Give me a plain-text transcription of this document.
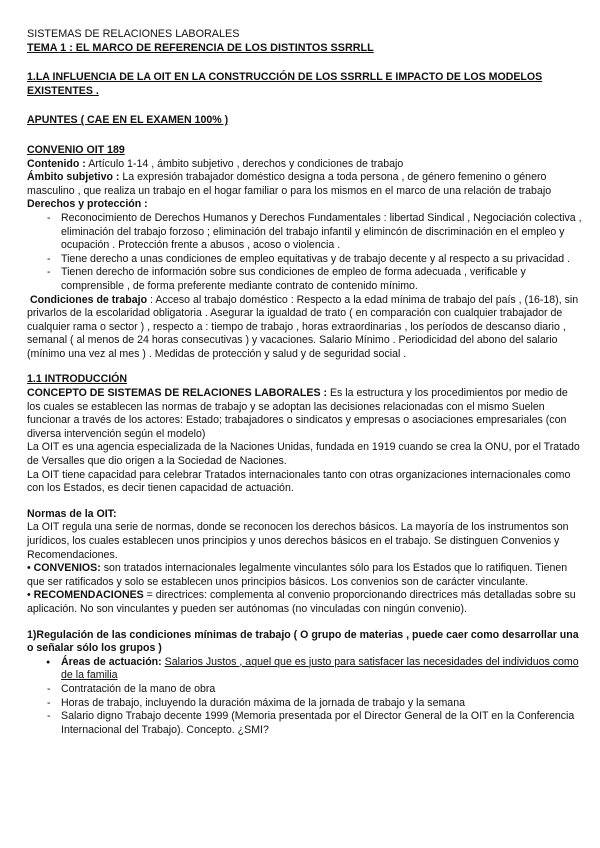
SISTEMAS DE RELACIONES LABORALES

TEMA 1 : EL MARCO DE REFERENCIA DE LOS DISTINTOS SSRRLL

1.LA INFLUENCIA DE LA OIT EN LA CONSTRUCCIÓN DE LOS SSRRLL E IMPACTO DE LOS MODELOS EXISTENTES .

APUNTES ( CAE EN EL EXAMEN 100% )

CONVENIO OIT 189

Contenido : Artículo 1-14 , ámbito subjetivo , derechos y condiciones de trabajo

Ámbito subjetivo : La expresión trabajador doméstico designa a toda persona , de género femenino o género masculino , que realiza un trabajo en el hogar familiar o para los mismos en el marco de una relación de trabajo

Derechos y protección :

- Reconocimiento de Derechos Humanos y Derechos Fundamentales : libertad Sindical , Negociación colectiva , eliminación del trabajo forzoso ; eliminación del trabajo infantil y elimincón de discriminación en el empleo y ocupación . Protección frente a abusos , acoso o violencia .
- Tiene derecho a unas condiciones de empleo equitativas y de trabajo decente y al respecto a su privacidad .
- Tienen derecho de información sobre sus condiciones de empleo de forma adecuada , verificable y comprensible , de forma preferente mediante contrato de contenido mínimo.

Condiciones de trabajo : Acceso al trabajo doméstico : Respecto a la edad mínima de trabajo del país , (16-18), sin privarlos de la escolaridad obligatoria . Asegurar la igualdad de trato ( en comparación con cualquier trabajador de cualquier rama o sector ) , respecto a : tiempo de trabajo , horas extraordinarias , los períodos de descanso diario , semanal ( al menos de 24 horas consecutivas ) y vacaciones. Salario Mínimo . Periodicidad del abono del salario (mínimo una vez al mes ) . Medidas de protección y salud y de seguridad social .

1.1 INTRODUCCIÓN

CONCEPTO DE SISTEMAS DE RELACIONES LABORALES : Es la estructura y los procedimientos por medio de los cuales se establecen las normas de trabajo y se adoptan las decisiones relacionadas con el mismo Suelen funcionar a través de los actores: Estado; trabajadores o sindicatos y empresas o asociaciones empresariales (con diversa intervención según el modelo)

La OIT es una agencia especializada de la Naciones Unidas, fundada en 1919 cuando se crea la ONU, por el Tratado de Versalles que dio origen a la Sociedad de Naciones.

La OIT tiene capacidad para celebrar Tratados internacionales tanto con otras organizaciones internacionales como con los Estados, es decir tienen capacidad de actuación.

Normas de la OIT:

La OIT regula una serie de normas, donde se reconocen los derechos básicos. La mayoría de los instrumentos son jurídicos, los cuales establecen unos principios y unos derechos básicos en el trabajo. Se distinguen Convenios y Recomendaciones.

• CONVENIOS: son tratados internacionales legalmente vinculantes sólo para los Estados que lo ratifiquen. Tienen que ser ratificados y solo se establecen unos principios básicos. Los convenios son de carácter vinculante.

• RECOMENDACIONES = directrices: complementa al convenio proporcionando directrices más detalladas sobre su aplicación. No son vinculantes y pueden ser autónomas (no vinculadas con ningún convenio).

1)Regulación de las condiciones mínimas de trabajo ( O grupo de materias , puede caer como desarrollar una o señalar sólo los grupos )

● Áreas de actuación: Salarios Justos , aquel que es justo para satisfacer las necesidades del individuos como de la familia
- Contratación de la mano de obra
- Horas de trabajo, incluyendo la duración máxima de la jornada de trabajo y la semana
- Salario digno Trabajo decente 1999 (Memoria presentada por el Director General de la OIT en la Conferencia Internacional del Trabajo). Concepto. ¿SMI?
